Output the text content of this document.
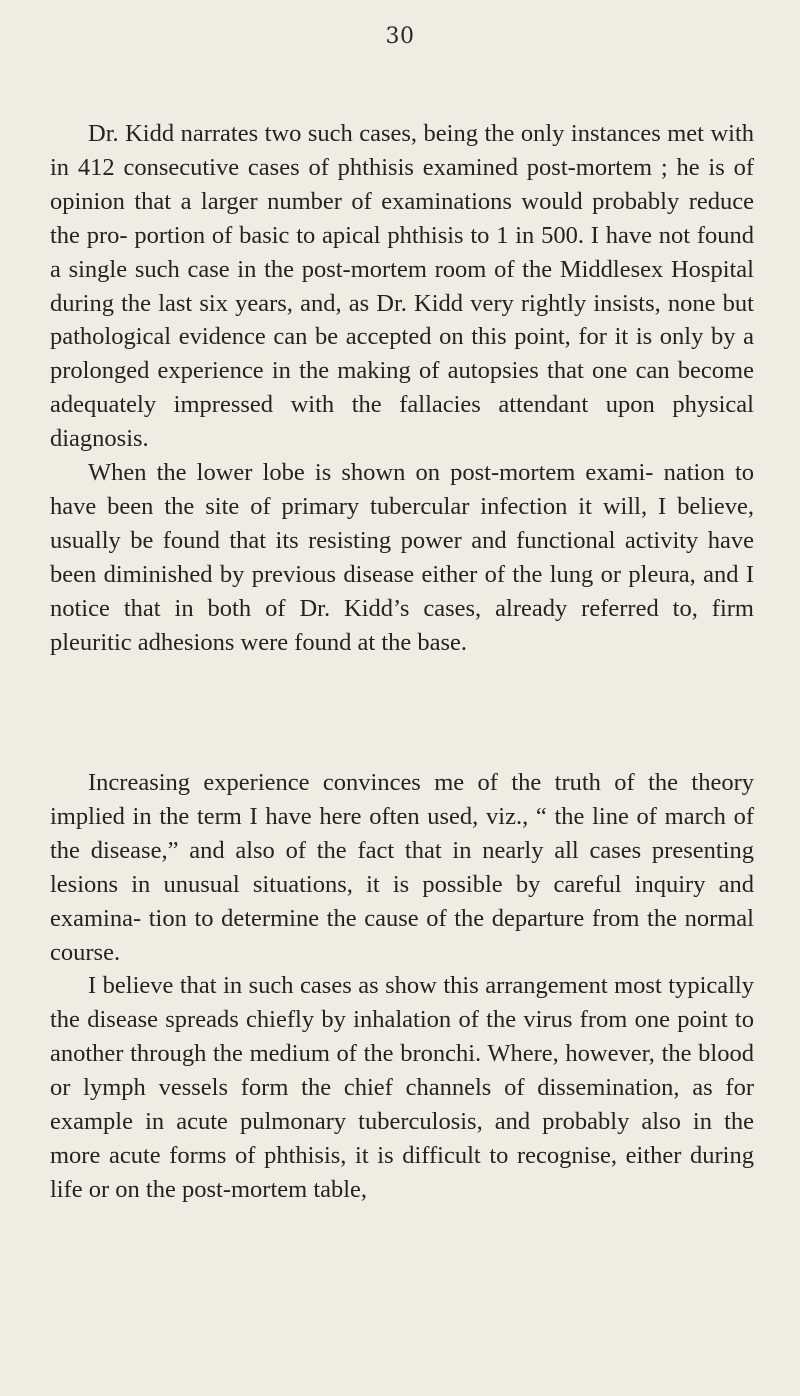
30

Dr. Kidd narrates two such cases, being the only instances met with in 412 consecutive cases of phthisis examined post-mortem ; he is of opinion that a larger number of examinations would probably reduce the pro- portion of basic to apical phthisis to 1 in 500. I have not found a single such case in the post-mortem room of the Middlesex Hospital during the last six years, and, as Dr. Kidd very rightly insists, none but pathological evidence can be accepted on this point, for it is only by a prolonged experience in the making of autopsies that one can become adequately impressed with the fallacies attendant upon physical diagnosis.

When the lower lobe is shown on post-mortem exami- nation to have been the site of primary tubercular infection it will, I believe, usually be found that its resisting power and functional activity have been diminished by previous disease either of the lung or pleura, and I notice that in both of Dr. Kidd’s cases, already referred to, firm pleuritic adhesions were found at the base.

Increasing experience convinces me of the truth of the theory implied in the term I have here often used, viz., “ the line of march of the disease,” and also of the fact that in nearly all cases presenting lesions in unusual situations, it is possible by careful inquiry and examina- tion to determine the cause of the departure from the normal course.

I believe that in such cases as show this arrangement most typically the disease spreads chiefly by inhalation of the virus from one point to another through the medium of the bronchi. Where, however, the blood or lymph vessels form the chief channels of dissemination, as for example in acute pulmonary tuberculosis, and probably also in the more acute forms of phthisis, it is difficult to recognise, either during life or on the post-mortem table,
